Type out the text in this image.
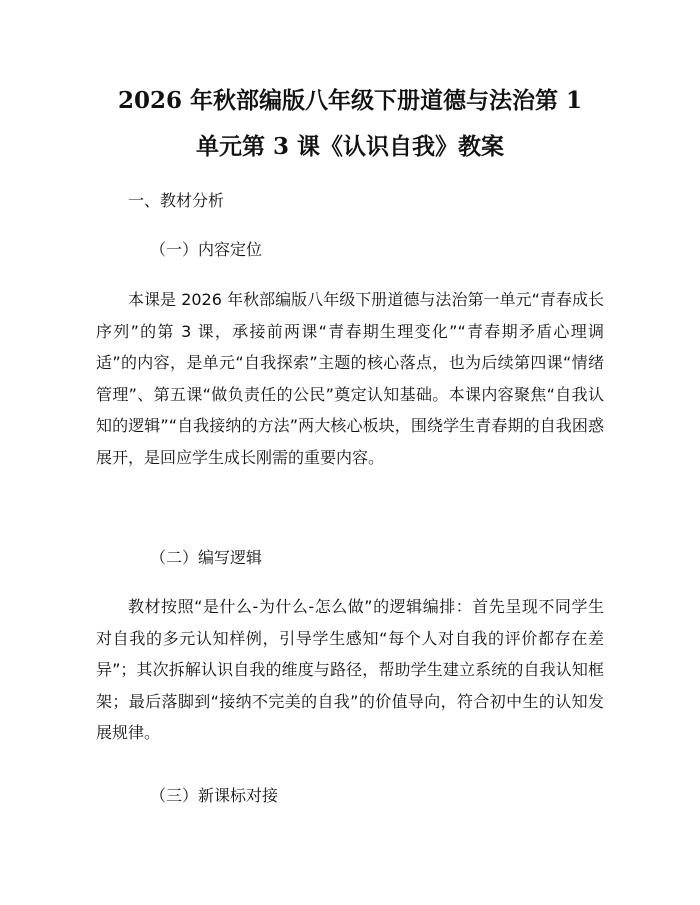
2026 年秋部编版八年级下册道德与法治第 1
单元第 3 课《认识自我》教案
一、教材分析
（一）内容定位

本课是 2026 年秋部编版八年级下册道德与法治第一单元“青春成长序列”的第 3 课，承接前两课“青春期生理变化”“青春期矛盾心理调适”的内容，是单元“自我探索”主题的核心落点，也为后续第四课“情绪管理”、第五课“做负责任的公民”奠定认知基础。本课内容聚焦“自我认知的逻辑”“自我接纳的方法”两大核心板块，围绕学生青春期的自我困惑展开，是回应学生成长刚需的重要内容。

（二）编写逻辑

教材按照“是什么-为什么-怎么做”的逻辑编排：首先呈现不同学生对自我的多元认知样例，引导学生感知“每个人对自我的评价都存在差异”；其次拆解认识自我的维度与路径，帮助学生建立系统的自我认知框架；最后落脚到“接纳不完美的自我”的价值导向，符合初中生的认知发展规律。

（三）新课标对接
